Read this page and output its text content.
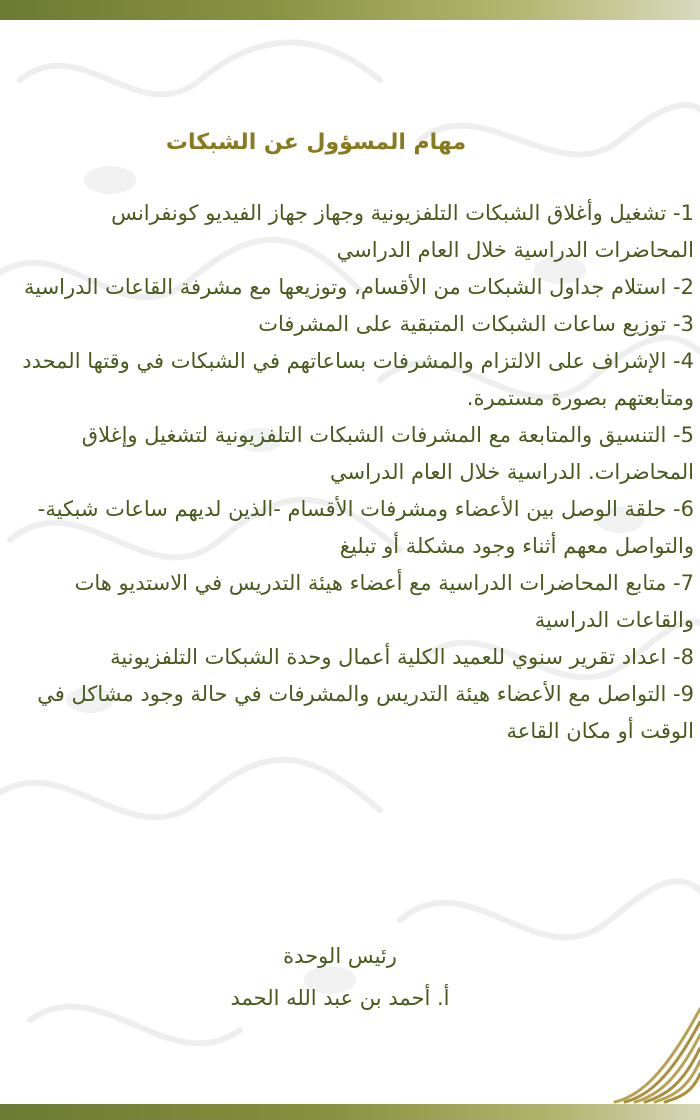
مهام المسؤول عن الشبكات
1- تشغيل وأغلاق الشبكات التلفزيونية وجهاز جهاز الفيديو كونفرانس المحاضرات الدراسية خلال العام الدراسي
2- استلام جداول الشبكات من الأقسام، وتوزيعها مع مشرفة القاعات الدراسية
3- توزيع ساعات الشبكات المتبقية على المشرفات
4- الإشراف على الالتزام والمشرفات بساعاتهم في الشبكات في وقتها المحدد ومتابعتهم بصورة مستمرة.
5- التنسيق والمتابعة مع المشرفات الشبكات التلفزيونية لتشغيل وإغلاق المحاضرات. الدراسية خلال العام الدراسي
6- حلقة الوصل بين الأعضاء ومشرفات الأقسام -الذين لديهم ساعات شبكية-والتواصل معهم أثناء وجود مشكلة أو تبليغ
7- متابع المحاضرات الدراسية مع أعضاء هيئة التدريس في الاستديو هات والقاعات الدراسية
8- اعداد تقرير سنوي للعميد الكلية أعمال وحدة الشبكات التلفزيونية
9- التواصل مع الأعضاء هيئة التدريس والمشرفات في حالة وجود مشاكل في الوقت أو مكان القاعة
رئيس الوحدة
أ. أحمد بن عبد الله الحمد
